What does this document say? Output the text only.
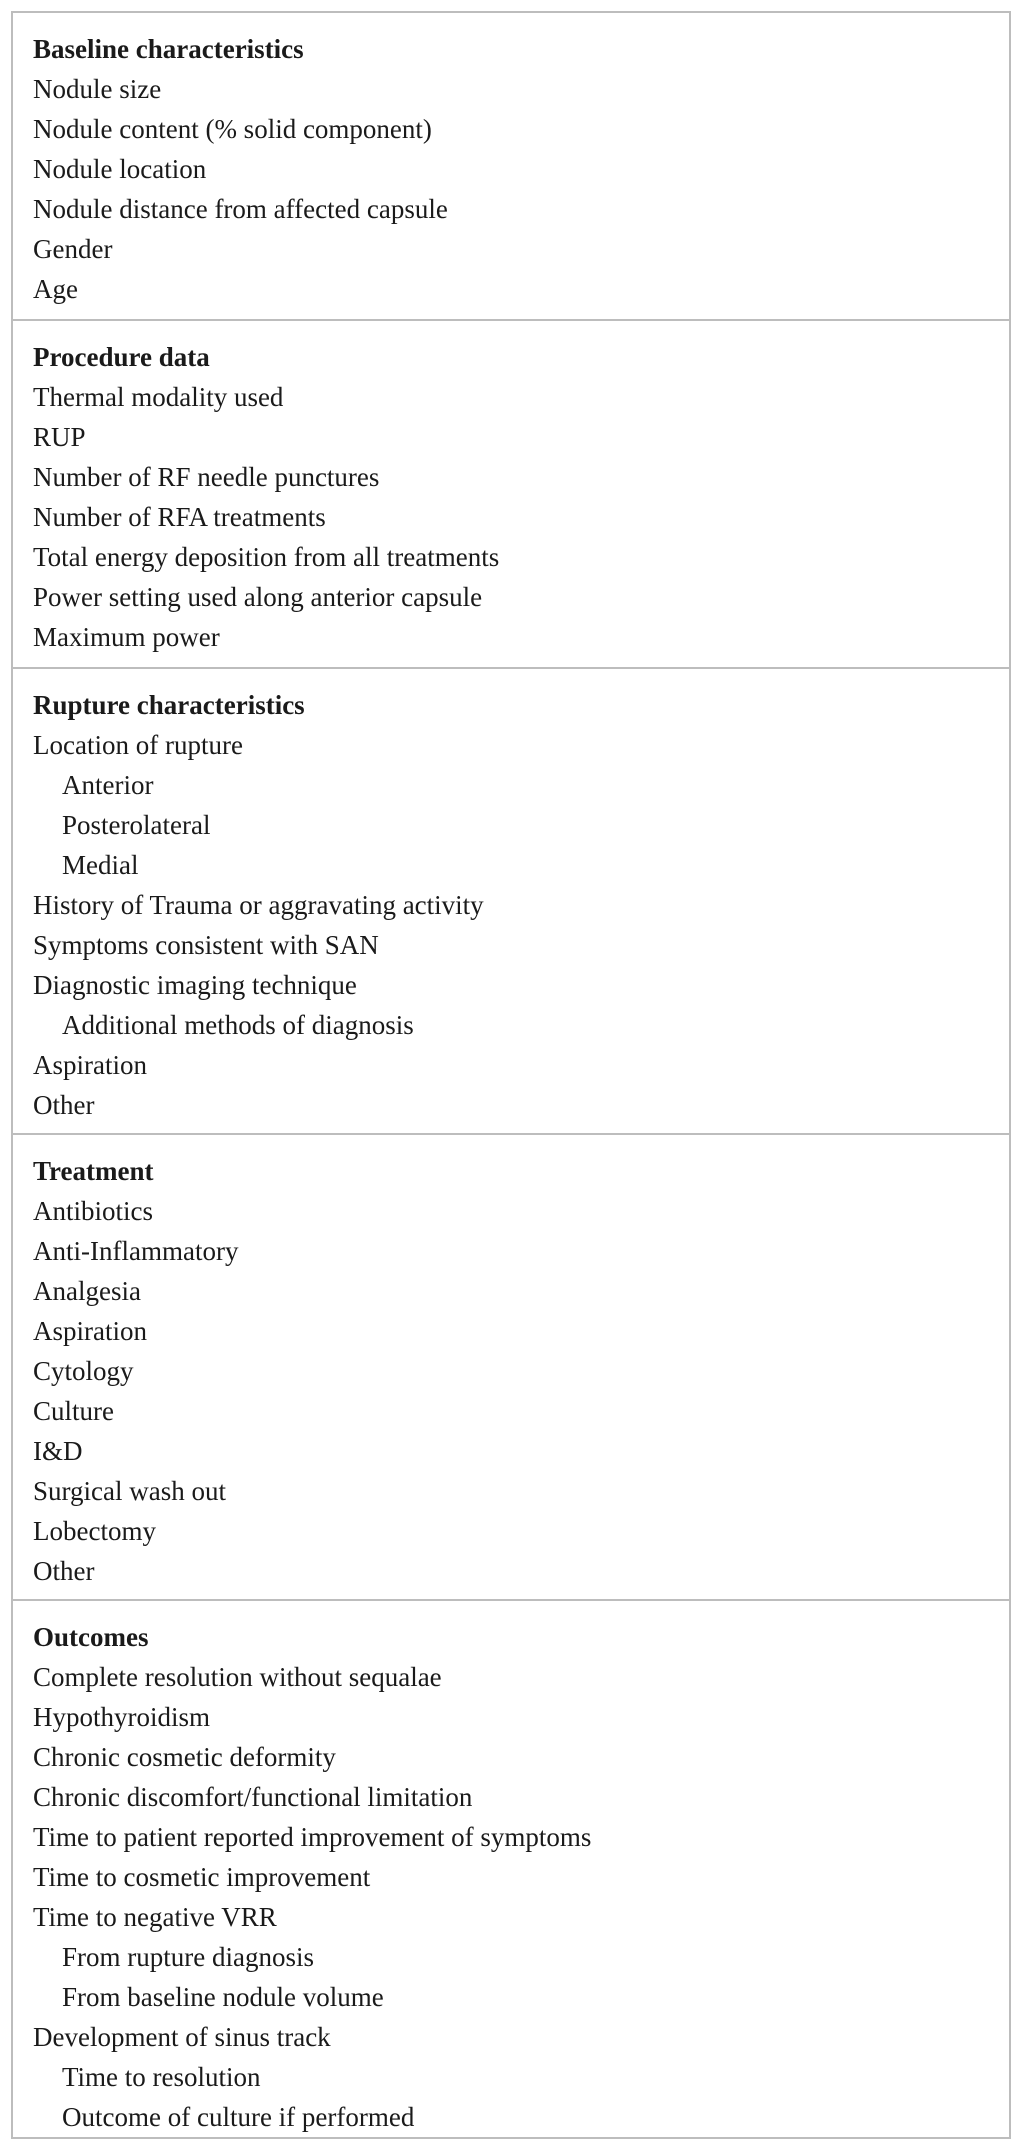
Baseline characteristics
Nodule size
Nodule content (% solid component)
Nodule location
Nodule distance from affected capsule
Gender
Age
Procedure data
Thermal modality used
RUP
Number of RF needle punctures
Number of RFA treatments
Total energy deposition from all treatments
Power setting used along anterior capsule
Maximum power
Rupture characteristics
Location of rupture
Anterior
Posterolateral
Medial
History of Trauma or aggravating activity
Symptoms consistent with SAN
Diagnostic imaging technique
Additional methods of diagnosis
Aspiration
Other
Treatment
Antibiotics
Anti-Inflammatory
Analgesia
Aspiration
Cytology
Culture
I&D
Surgical wash out
Lobectomy
Other
Outcomes
Complete resolution without sequalae
Hypothyroidism
Chronic cosmetic deformity
Chronic discomfort/functional limitation
Time to patient reported improvement of symptoms
Time to cosmetic improvement
Time to negative VRR
From rupture diagnosis
From baseline nodule volume
Development of sinus track
Time to resolution
Outcome of culture if performed
